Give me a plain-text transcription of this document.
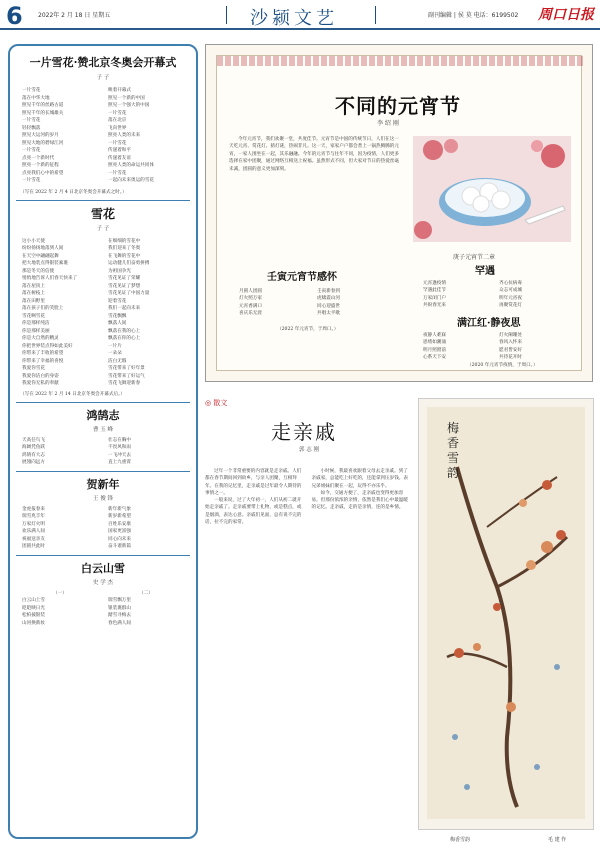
6	2022年 2 月 18 日 星期五	沙颍文艺	副刊编辑 | 侯 莫 电话：6199502 周口日报
一片雪花·赞北京冬奥会开幕式
子 子
一片雪花
落在中华大地
照见千年的丝路古道
照见千年的长城雄关
一片雪花
轻轻飘落
照见大运河的岁月
照见大地的碧绿江河
一片雪花
点亮一个新时代
照亮一个新的征程
点亮我们心中的希望
一片雪花
映着开幕式
照见一个新的中国
照见一个强大的中国
一片雪花
落在北京
飞向世界
照亮人类的未来
一片雪花
传递着和平
传递着友谊
照亮人类的命运共同体
一片雪花
一起向未来奥运的雪花
（写在 2022 年 2 月 4 日北京冬奥会开幕式之时。）
雪花
子 子
这小小天使
纷纷扬扬地落到人间
在天空中翩翩起舞
把大地装点得银装素裹
那是冬天的信使
悄悄地告诉人们春天快来了
落在屋顶上
落在树枝上
落在田野里
落在孩子们的笑脸上
雪花啊雪花
你是那样纯洁
你是那样美丽
你是大自然的精灵
你把世界装点得如此美好
你带来了丰收的希望
你带来了幸福的喜悦
我爱你雪花
我爱你洁白的身姿
我爱你无私的奉献
在细细的雪花中
我们迎来了冬奥
在飞舞的雪花中
运动健儿们奋勇拼搏
为祖国争光
雪花见证了荣耀
雪花见证了梦想
雪花见证了中国力量
迎着雪花
我们一起向未来
雪花飘飘
飘落人间
飘落在我的心上
飘落在你的心上
一片片
一朵朵
洁白无瑕
雪花带来了好年景
雪花带来了好运气
雪花飞舞迎新春
（写在 2022 年 2 月 14 日北京冬奥会开幕式后。）
鸿鹄志
曹 玉 峰
天高任鸟飞
海阔凭鱼跃
鸿鹄有大志
展翅向远方
壮志在胸中
不畏风和雨
一飞冲天去
直上九重霄
贺新年
王 俊 锋
金虎报春来
瑞雪兆丰年
万家灯火明
欢乐满人间
祝福送亲友
团圆共此时
新年新气象
新岁新希望
百姓乐安康
国家更富强
同心向未来
奋斗谱新篇
白云山雪
史 学 杰
（一）
白云山上雪
皑皑映日光
松柏披银装
山河换新妆
（二）
瑞雪飘万里
银装裹群山
踏雪寻梅去
春色满人间
不同的元宵节
李 绍 刚
今年元宵节，我们欢聚一堂，共度佳节。元宵节是中国的传统节日，人们在这一天吃元宵、赏花灯、猜灯谜，热闹非凡。这一天，家家户户都会煮上一锅热腾腾的元宵，一家人围坐在一起，其乐融融。今年的元宵节与往年不同，因为疫情，人们更多选择在家中团聚，通过网络互相送上祝福。虽然形式不同，但大家对节日的热爱丝毫未减，团圆的意义更加深刻。
庚子元宵节二章
罕遇
元宵逢疫情
罕遇此佳节
万家闭门户
共盼春光来
齐心抗病毒
众志可成城
明年元宵夜
再聚赏花灯
壬寅元宵节感怀
月圆人团圆
灯火照万家
元宵香满口
喜庆乐无涯
壬寅新春到
虎啸震山河
同心迎盛世
共唱太平歌
（2022 年元宵节，于周口。）
满江红·静夜思
夜静人难寐
思绪如潮涌
明月照窗前
心系天下安
灯火阑珊处
春风入怀来
愿君皆安好
共待花开时
（2020 年元宵节疫情，于周口。）
◎ 散文
走亲戚
郭 志 刚

过年一个非常重要的内容就是走亲戚。人们都在春节期间回到故乡，与亲人团聚，互相拜年。在我的记忆里，走亲戚是过年最令人期待的事情之一。

一般来说，过了大年初一，人们从初二就开始走亲戚了。走亲戚要带上礼物，或是糕点，或是烟酒，表达心意。亲戚们见面，总有说不完的话，拉不完的家常。

小时候，我最喜欢跟着父母去走亲戚。到了亲戚家，总能吃上好吃的，还能拿到压岁钱。表兄弟姐妹们聚在一起，玩得不亦乐乎。

如今，交通方便了，走亲戚也变得更加容易。但那份浓浓的亲情，依然是我们心中最温暖的记忆。走亲戚，走的是亲情，连的是乡情。

梅香雪韵
梅香雪韵	毛 建 作
